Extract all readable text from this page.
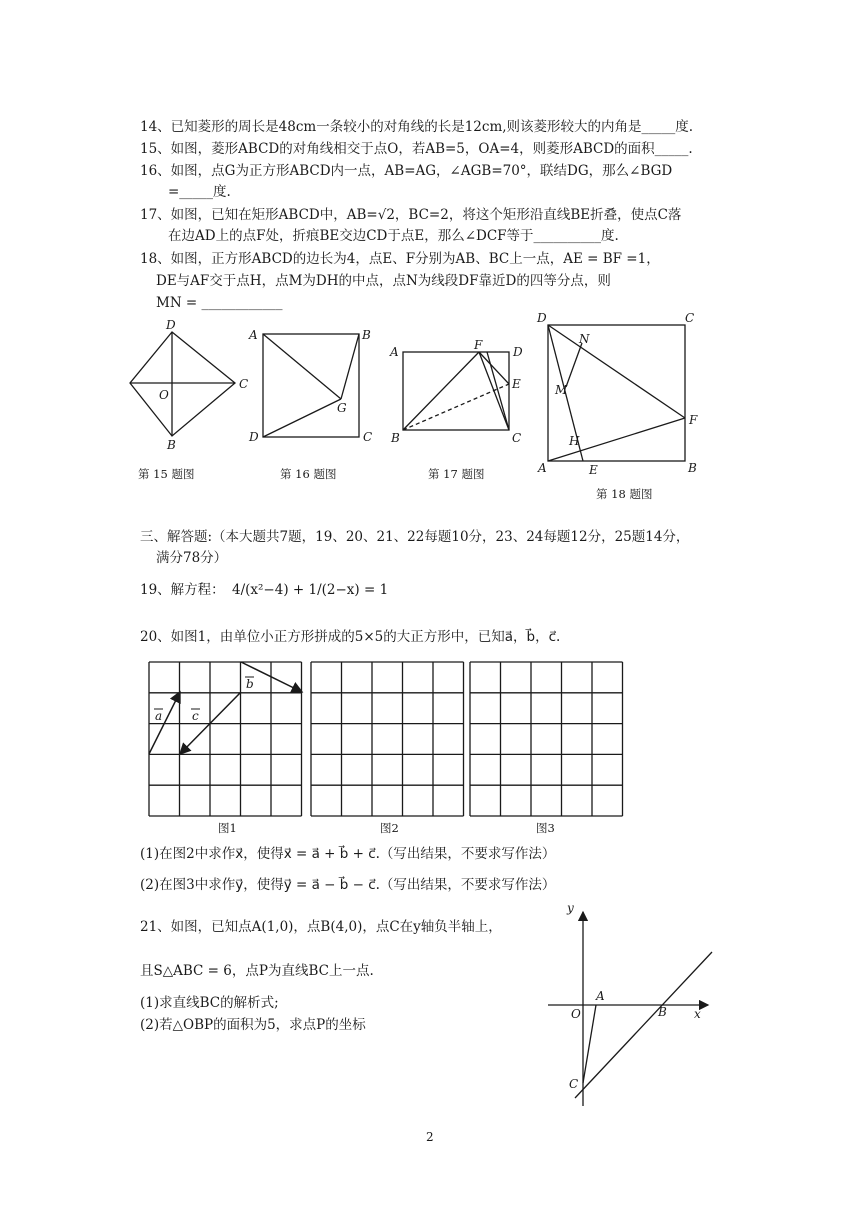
14、已知菱形的周长是48cm一条较小的对角线的长是12cm,则该菱形较大的内角是_____度.
15、如图，菱形ABCD的对角线相交于点O，若AB=5，OA=4，则菱形ABCD的面积_____.
16、如图，点G为正方形ABCD内一点，AB=AG，∠AGB=70°，联结DG，那么∠BGD
=_____度.
17、如图，已知在矩形ABCD中，AB=√2，BC=2，将这个矩形沿直线BE折叠，使点C落
在边AD上的点F处，折痕BE交边CD于点E，那么∠DCF等于__________度.
18、如图，正方形ABCD的边长为4，点E、F分别为AB、BC上一点，AE = BF =1，
DE与AF交于点H，点M为DH的中点，点N为线段DF靠近D的四等分点，则
MN = ____________
三、解答题:（本大题共7题，19、20、21、22每题10分，23、24每题12分，25题14分，
满分78分）
19、解方程： 4/(x²−4) + 1/(2−x) = 1
20、如图1，由单位小正方形拼成的5×5的大正方形中，已知a⃗，b⃗，c⃗.
(1)在图2中求作x⃗，使得x⃗ = a⃗ + b⃗ + c⃗.（写出结果，不要求写作法）
(2)在图3中求作y⃗，使得y⃗ = a⃗ − b⃗ − c⃗.（写出结果，不要求写作法）
21、如图，已知点A(1,0)，点B(4,0)，点C在y轴负半轴上，
且S△ABC = 6，点P为直线BC上一点.
(1)求直线BC的解析式;
(2)若△OBP的面积为5，求点P的坐标
第 15 题图	第 16 题图	第 17 题图
第 18 题图
图1	图2	图3
2
D
C
O
B
A	B
G
D	C
A	F	D
E
B	C
D	C
N
M
H
F
A	E	B
a
b
c
y
x
O
A
B
C
